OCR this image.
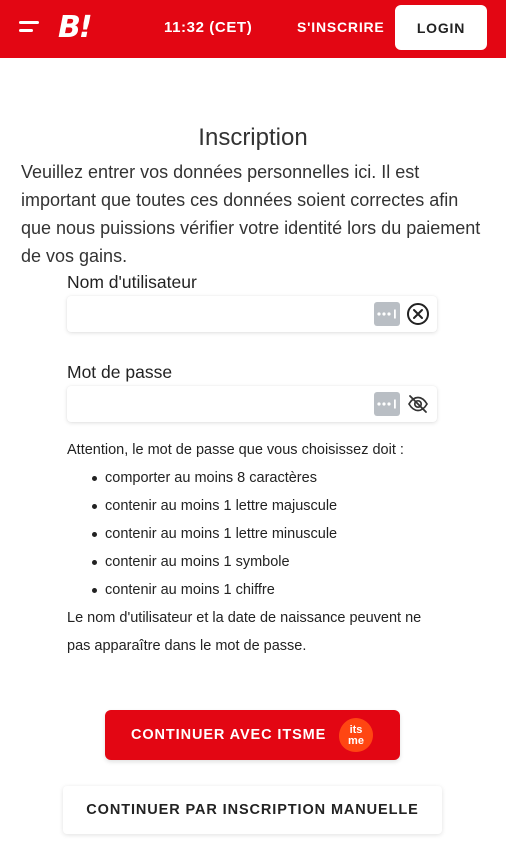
B!	11:32 (CET)	S'INSCRIRE	LOGIN
Inscription

Veuillez entrer vos données personnelles ici. Il est important que toutes ces données soient correctes afin que nous puissions vérifier votre identité lors du paiement de vos gains.

Nom d'utilisateur
Mot de passe
Attention, le mot de passe que vous choisissez doit :
comporter au moins 8 caractères
contenir au moins 1 lettre majuscule
contenir au moins 1 lettre minuscule
contenir au moins 1 symbole
contenir au moins 1 chiffre

Le nom d'utilisateur et la date de naissance peuvent ne pas apparaître dans le mot de passe.

CONTINUER AVEC ITSME its
me
CONTINUER PAR INSCRIPTION MANUELLE
